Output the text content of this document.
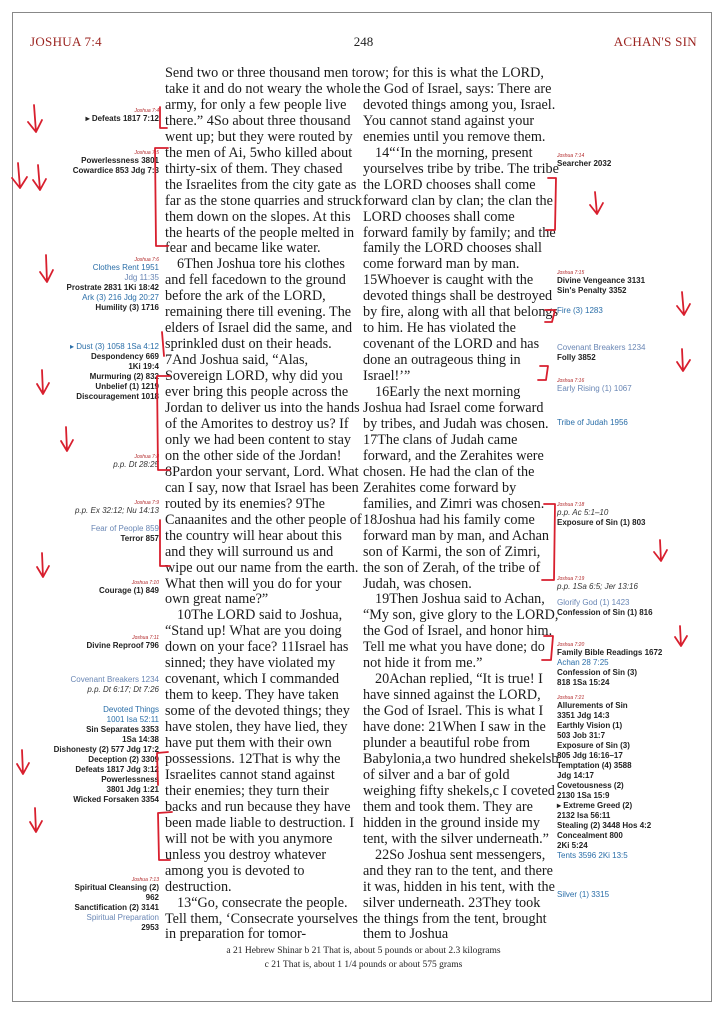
JOSHUA 7:4	248	ACHAN'S SIN

Send two or three thousand men to take it and do not weary the whole army, for only a few people live there.” 4So about three thousand went up; but they were routed by the men of Ai, 5who killed about thirty-six of them. They chased the Israelites from the city gate as far as the stone quarries and struck them down on the slopes. At this the hearts of the people melted in fear and became like water.

6Then Joshua tore his clothes and fell facedown to the ground before the ark of the LORD, remaining there till evening. The elders of Israel did the same, and sprinkled dust on their heads. 7And Joshua said, “Alas, Sovereign LORD, why did you ever bring this people across the Jordan to deliver us into the hands of the Amorites to destroy us? If only we had been content to stay on the other side of the Jordan! 8Pardon your servant, Lord. What can I say, now that Israel has been routed by its enemies? 9The Canaanites and the other people of the country will hear about this and they will surround us and wipe out our name from the earth. What then will you do for your own great name?”

10The LORD said to Joshua, “Stand up! What are you doing down on your face? 11Israel has sinned; they have violated my covenant, which I commanded them to keep. They have taken some of the devoted things; they have stolen, they have lied, they have put them with their own possessions. 12That is why the Israelites cannot stand against their enemies; they turn their backs and run because they have been made liable to destruction. I will not be with you anymore unless you destroy whatever among you is devoted to destruction.

13“Go, consecrate the people. Tell them, ‘Consecrate yourselves in preparation for tomor-

row; for this is what the LORD, the God of Israel, says: There are devoted things among you, Israel. You cannot stand against your enemies until you remove them.

14“‘In the morning, present yourselves tribe by tribe. The tribe the LORD chooses shall come forward clan by clan; the clan the LORD chooses shall come forward family by family; and the family the LORD chooses shall come forward man by man. 15Whoever is caught with the devoted things shall be destroyed by fire, along with all that belongs to him. He has violated the covenant of the LORD and has done an outrageous thing in Israel!’”

16Early the next morning Joshua had Israel come forward by tribes, and Judah was chosen. 17The clans of Judah came forward, and the Zerahites were chosen. He had the clan of the Zerahites come forward by families, and Zimri was chosen. 18Joshua had his family come forward man by man, and Achan son of Karmi, the son of Zimri, the son of Zerah, of the tribe of Judah, was chosen.

19Then Joshua said to Achan, “My son, give glory to the LORD, the God of Israel, and honor him. Tell me what you have done; do not hide it from me.”

20Achan replied, “It is true! I have sinned against the LORD, the God of Israel. This is what I have done: 21When I saw in the plunder a beautiful robe from Babylonia,a two hundred shekelsb of silver and a bar of gold weighing fifty shekels,c I coveted them and took them. They are hidden in the ground inside my tent, with the silver underneath.”

22So Joshua sent messengers, and they ran to the tent, and there it was, hidden in his tent, with the silver underneath. 23They took the things from the tent, brought them to Joshua

Joshua 7:4
▸ Defeats 1817 7:12
Joshua 7:5
Powerlessness 3801
Cowardice 853 Jdg 7:3
Joshua 7:6
Clothes Rent 1951
Jdg 11:35
Prostrate 2831 1Ki 18:42
Ark (3) 216 Jdg 20:27
Humility (3) 1716
▸ Dust (3) 1058 1Sa 4:12
Despondency 669
1Ki 19:4
Murmuring (2) 832
Unbelief (1) 1219
Discouragement 1018
Joshua 7:8
p.p. Dt 28:25
Joshua 7:9
p.p. Ex 32:12; Nu 14:13
Fear of People 859
Terror 857
Joshua 7:10
Courage (1) 849
Joshua 7:11
Divine Reproof 796
Covenant Breakers 1234
p.p. Dt 6:17; Dt 7:26
Devoted Things
1001 Isa 52:11
Sin Separates 3353
1Sa 14:38
Dishonesty (2) 577 Jdg 17:2
Deception (2) 3309
Defeats 1817 Jdg 3:12
Powerlessness
3801 Jdg 1:21
Wicked Forsaken 3354
Joshua 7:13
Spiritual Cleansing (2)
962
Sanctification (2) 3141
Spiritual Preparation
2953
Joshua 7:14
Searcher 2032
Joshua 7:15
Divine Vengeance 3131
Sin's Penalty 3352
Fire (3) 1283
Covenant Breakers 1234
Folly 3852
Joshua 7:16
Early Rising (1) 1067
Tribe of Judah 1956
Joshua 7:18
p.p. Ac 5:1–10
Exposure of Sin (1) 803
Joshua 7:19
p.p. 1Sa 6:5; Jer 13:16
Glorify God (1) 1423
Confession of Sin (1) 816
Joshua 7:20
Family Bible Readings 1672
Achan 28 7:25
Confession of Sin (3)
818 1Sa 15:24
Joshua 7:21
Allurements of Sin
3351 Jdg 14:3
Earthly Vision (1)
503 Job 31:7
Exposure of Sin (3)
805 Jdg 16:16–17
Temptation (4) 3588
Jdg 14:17
Covetousness (2)
2130 1Sa 15:9
▸ Extreme Greed (2)
2132 Isa 56:11
Stealing (2) 3448 Hos 4:2
Concealment 800
2Ki 5:24
Tents 3596 2Ki 13:5
Silver (1) 3315
a 21 Hebrew Shinar b 21 That is, about 5 pounds or about 2.3 kilograms
c 21 That is, about 1 1/4 pounds or about 575 grams
